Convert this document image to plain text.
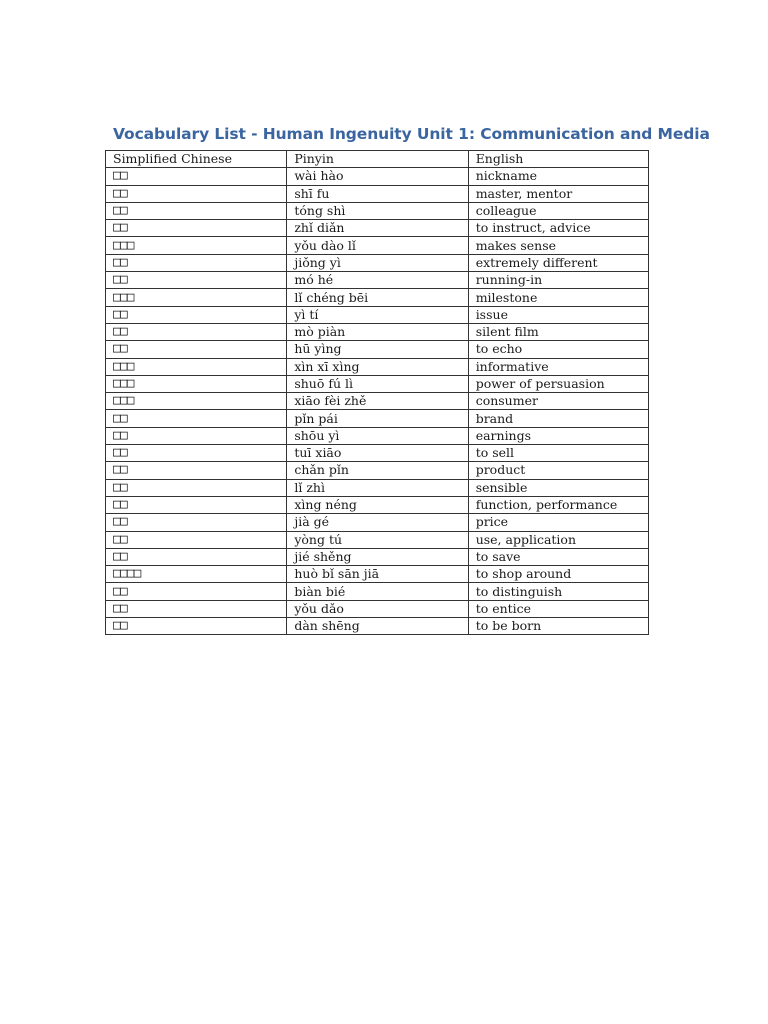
Vocabulary List - Human Ingenuity Unit 1: Communication and Media
Simplified Chinese	Pinyin	English
□□	wài hào	nickname
□□	shī fu	master, mentor
□□	tóng shì	colleague
□□	zhǐ diǎn	to instruct, advice
□□□	yǒu dào lǐ	makes sense
□□	jiǒng yì	extremely different
□□	mó hé	running-in
□□□	lǐ chéng bēi	milestone
□□	yì tí	issue
□□	mò piàn	silent film
□□	hū yìng	to echo
□□□	xìn xī xìng	informative
□□□	shuō fú lì	power of persuasion
□□□	xiāo fèi zhě	consumer
□□	pǐn pái	brand
□□	shōu yì	earnings
□□	tuī xiāo	to sell
□□	chǎn pǐn	product
□□	lǐ zhì	sensible
□□	xìng néng	function, performance
□□	jià gé	price
□□	yòng tú	use, application
□□	jié shěng	to save
□□□□	huò bǐ sān jiā	to shop around
□□	biàn bié	to distinguish
□□	yǒu dǎo	to entice
□□	dàn shēng	to be born
